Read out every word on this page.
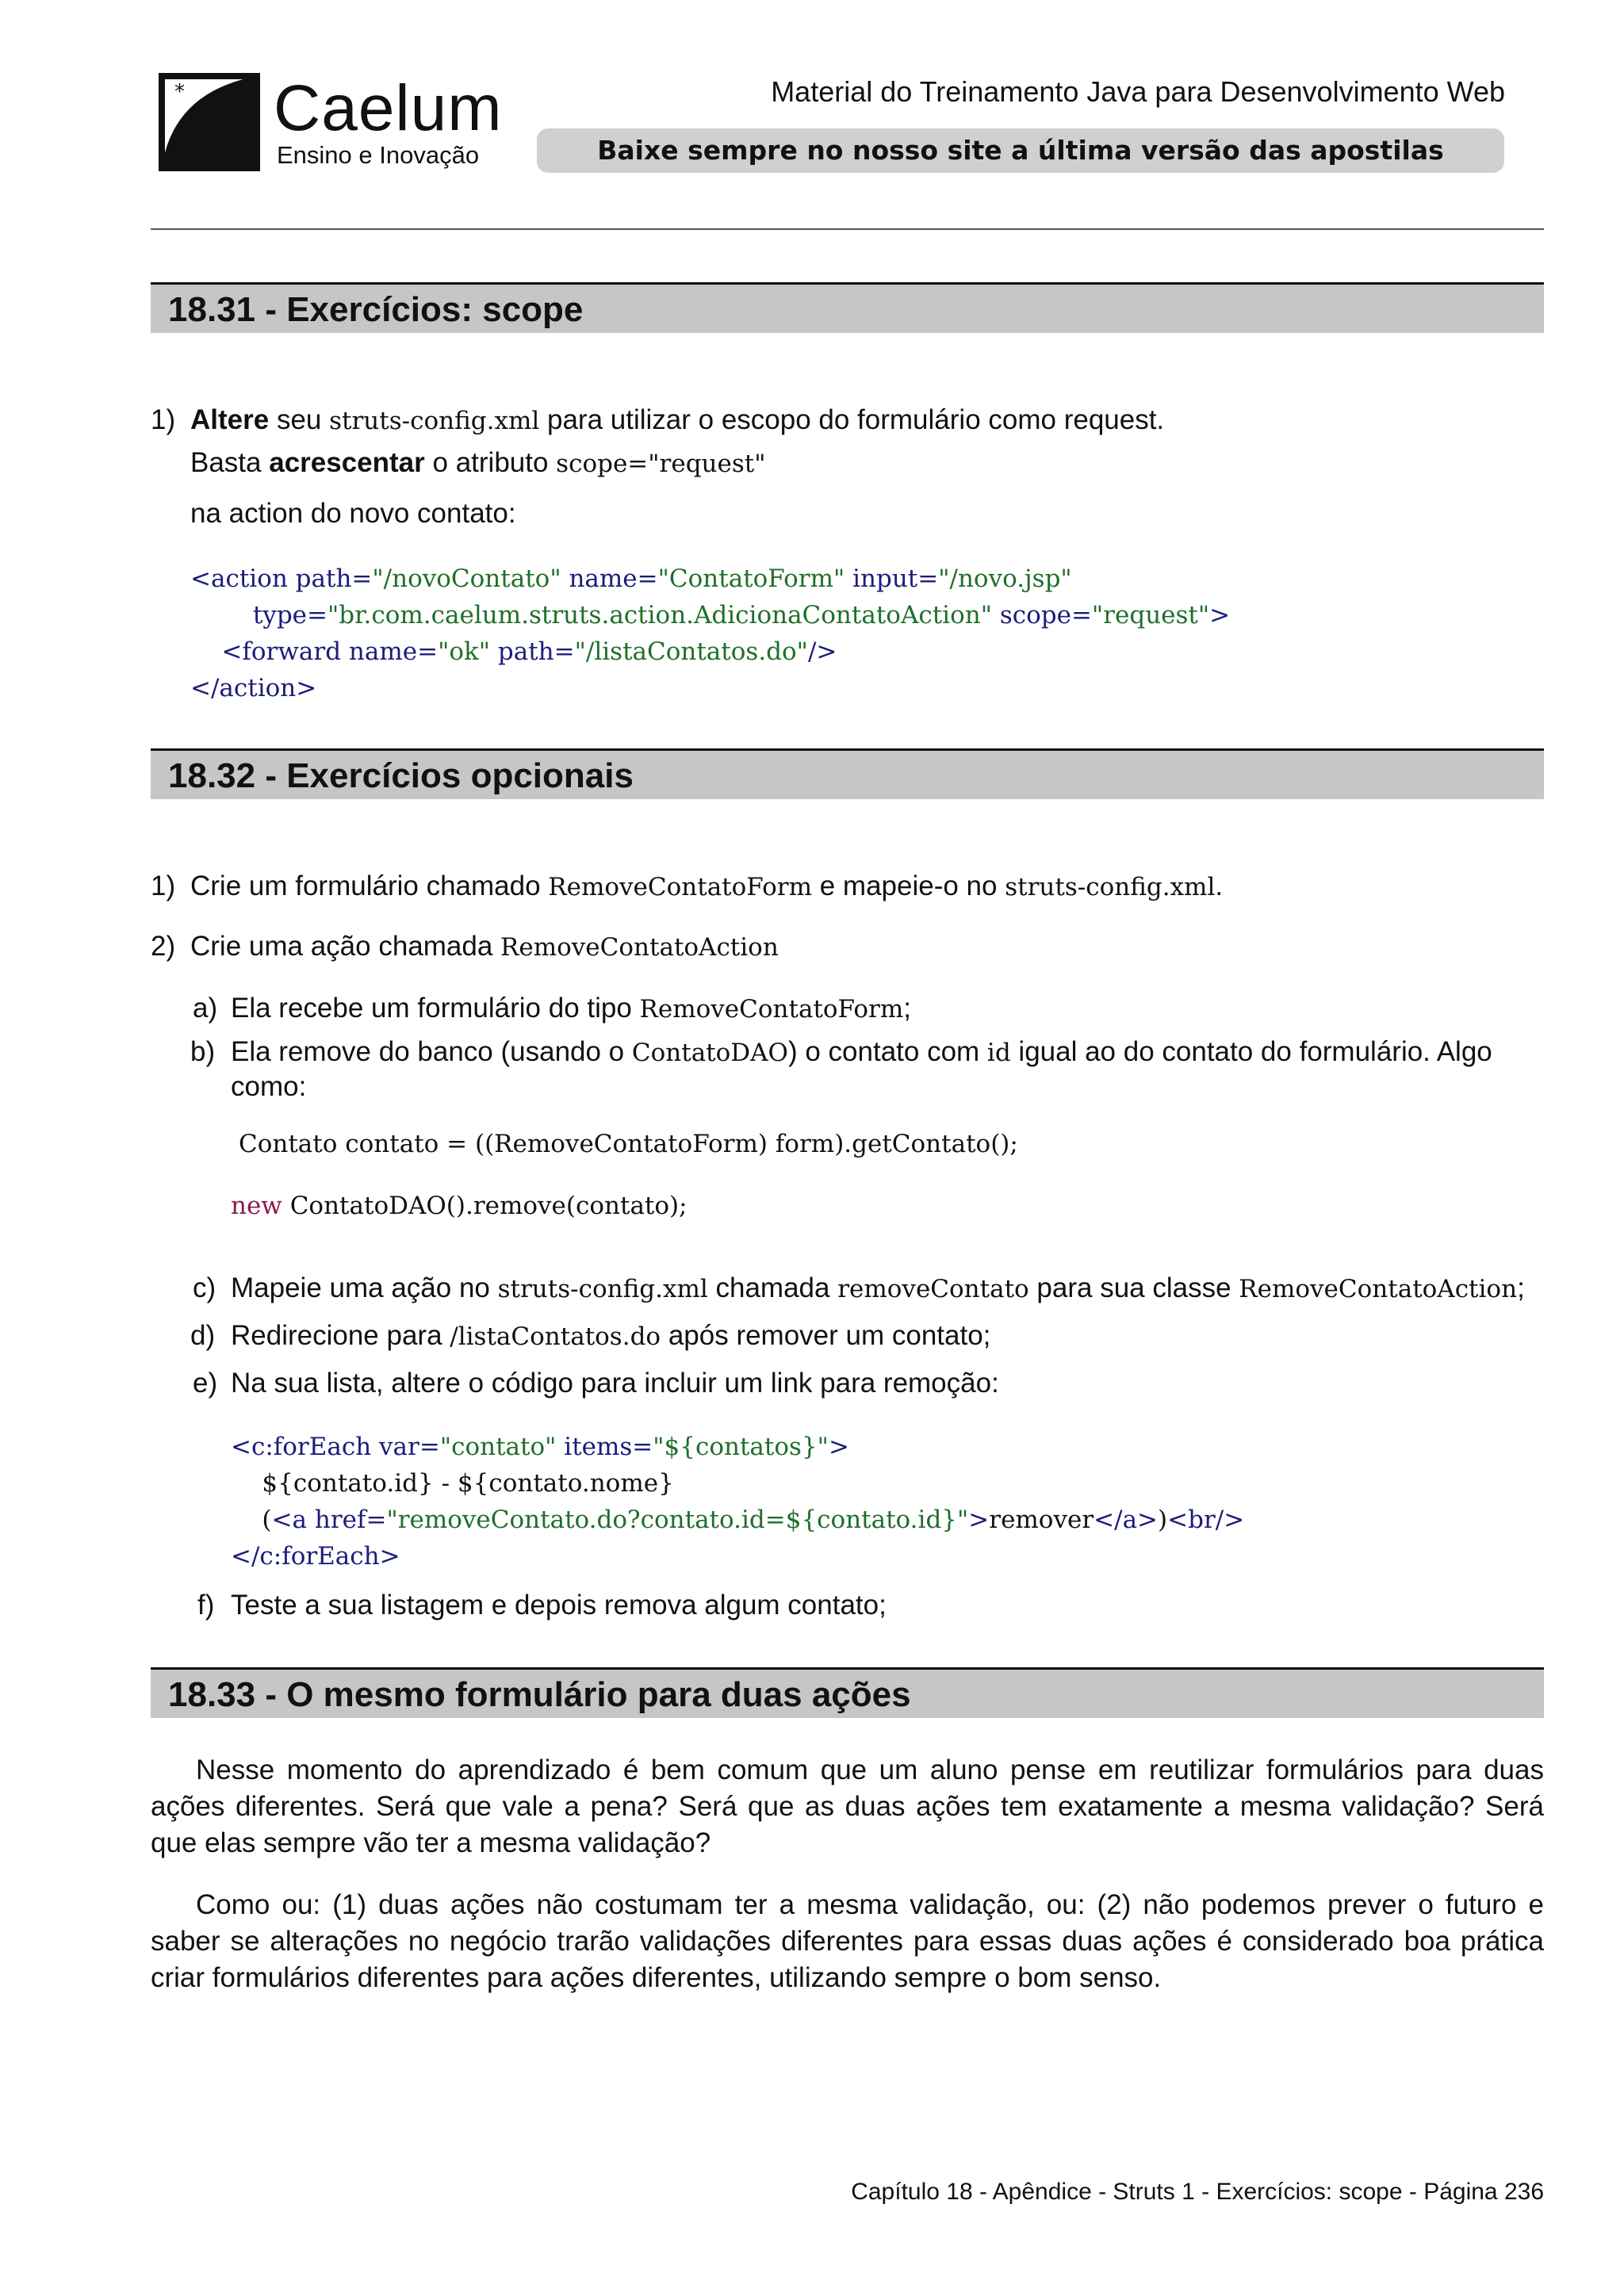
* Caelum
Ensino e Inovação
Material do Treinamento Java para Desenvolvimento Web
Baixe sempre no nosso site a última versão das apostilas
18.31 - Exercícios: scope
1) Altere seu struts-config.xml para utilizar o escopo do formulário como request.
Basta acrescentar o atributo scope="request"
na action do novo contato:
<action path="/novoContato" name="ContatoForm" input="/novo.jsp"
type="br.com.caelum.struts.action.AdicionaContatoAction" scope="request">
<forward name="ok" path="/listaContatos.do"/>
</action>
18.32 - Exercícios opcionais
1) Crie um formulário chamado RemoveContatoForm e mapeie-o no struts-config.xml.
2) Crie uma ação chamada RemoveContatoAction
a) Ela recebe um formulário do tipo RemoveContatoForm;
b) Ela remove do banco (usando o ContatoDAO) o contato com id igual ao do contato do formulário. Algo
como:
Contato contato = ((RemoveContatoForm) form).getContato();
new ContatoDAO().remove(contato);
c) Mapeie uma ação no struts-config.xml chamada removeContato para sua classe RemoveContatoAction;
d) Redirecione para /listaContatos.do após remover um contato;
e) Na sua lista, altere o código para incluir um link para remoção:
<c:forEach var="contato" items="${contatos}">
${contato.id} - ${contato.nome}
(<a href="removeContato.do?contato.id=${contato.id}">remover</a>)<br/>
</c:forEach>
f) Teste a sua listagem e depois remova algum contato;
18.33 - O mesmo formulário para duas ações
Nesse momento do aprendizado é bem comum que um aluno pense em reutilizar formulários para duas ações diferentes. Será que vale a pena? Será que as duas ações tem exatamente a mesma validação? Será que elas sempre vão ter a mesma validação?
Como ou: (1) duas ações não costumam ter a mesma validação, ou: (2) não podemos prever o futuro e saber se alterações no negócio trarão validações diferentes para essas duas ações é considerado boa prática criar formulários diferentes para ações diferentes, utilizando sempre o bom senso.
Capítulo 18 - Apêndice - Struts 1 - Exercícios: scope - Página 236
